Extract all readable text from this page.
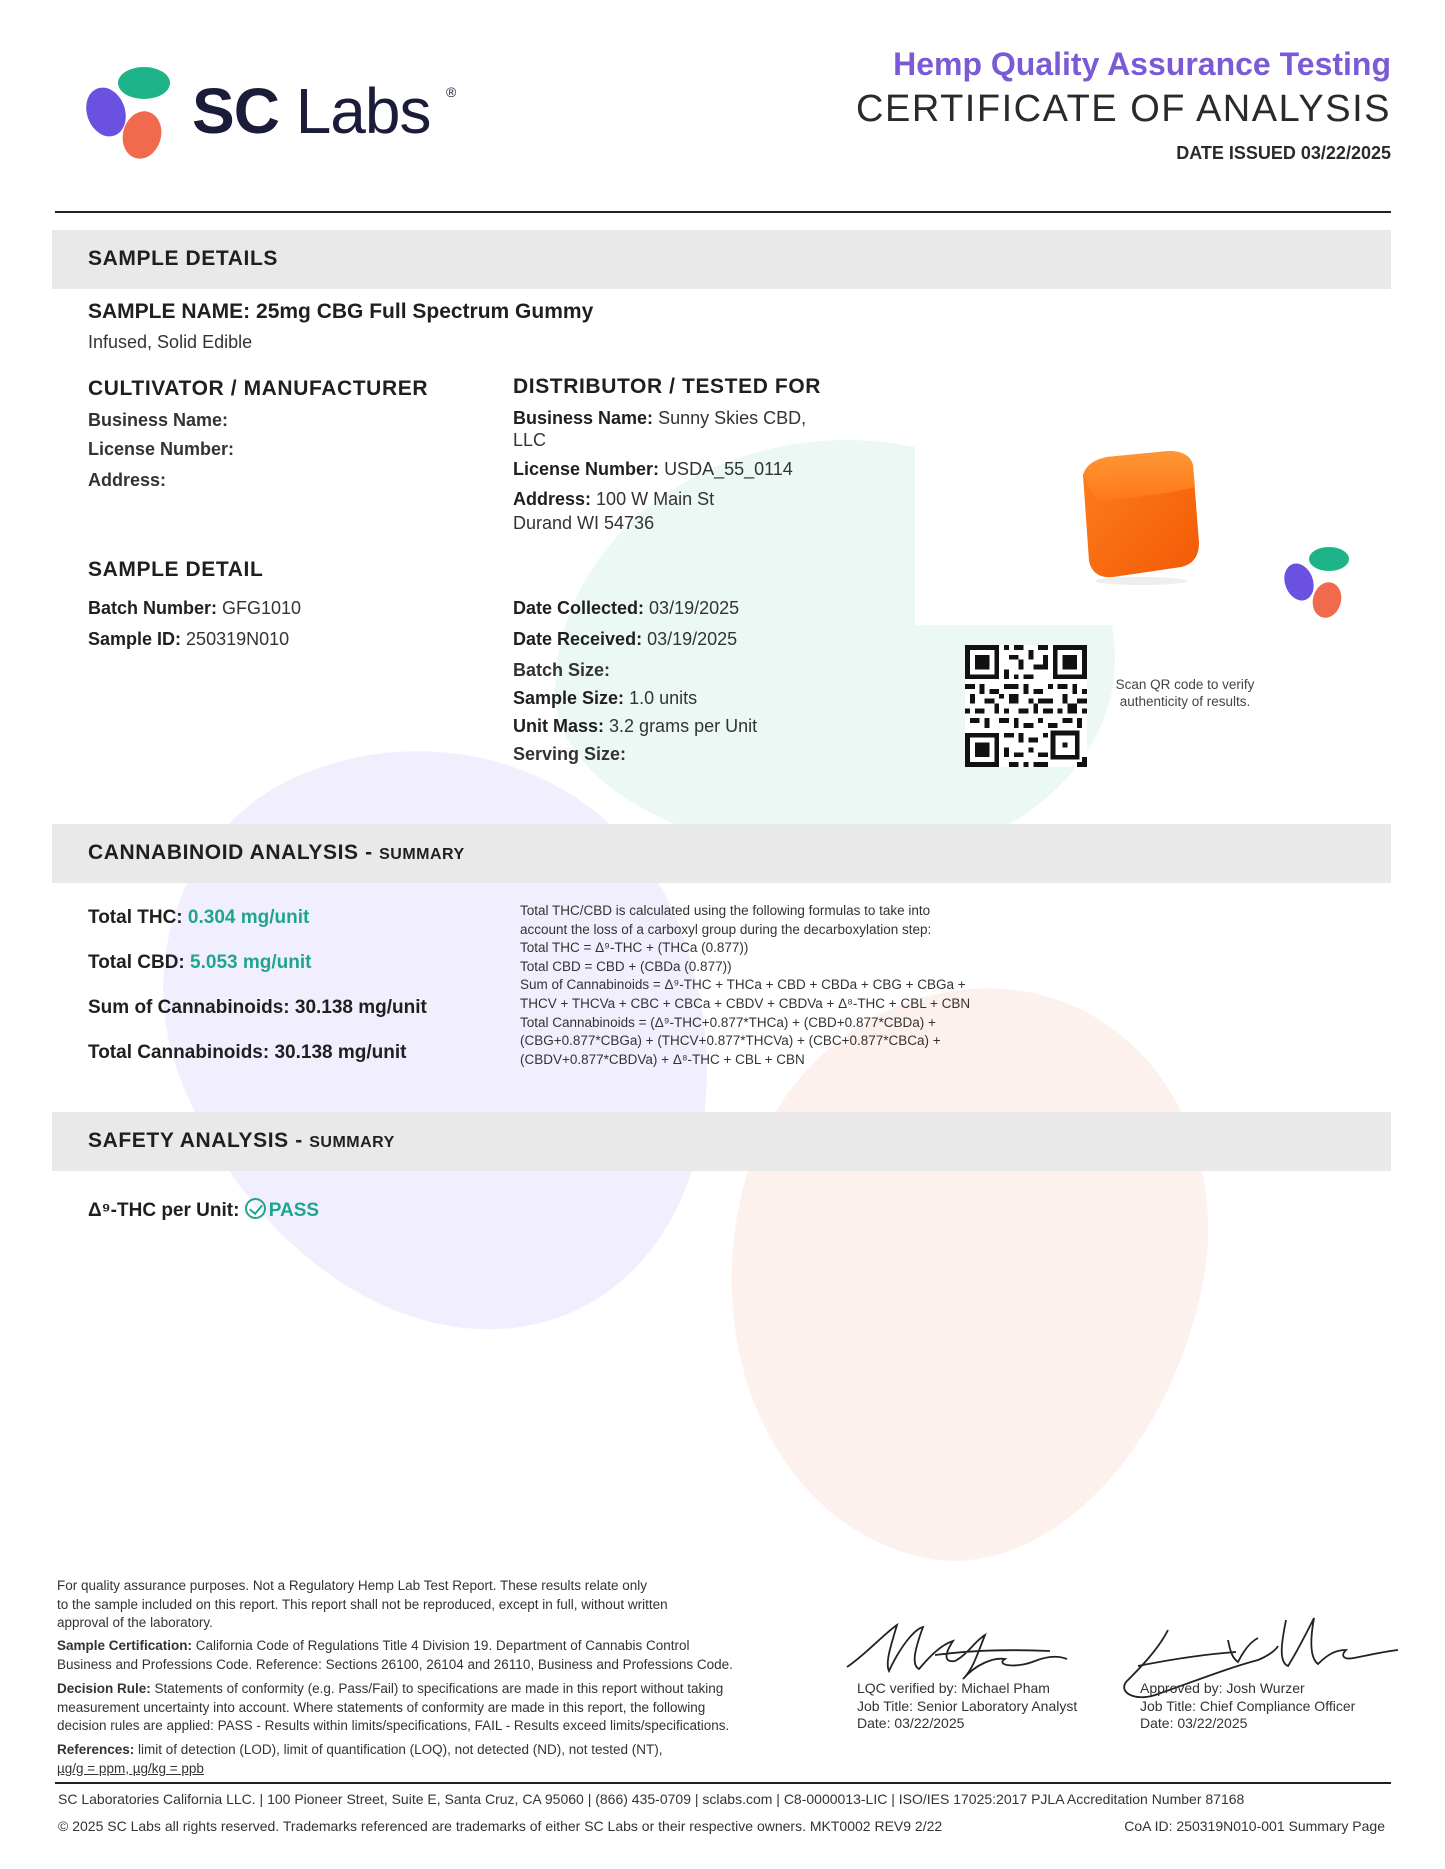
SC Labs ®
Hemp Quality Assurance Testing
CERTIFICATE OF ANALYSIS
DATE ISSUED 03/22/2025
SAMPLE DETAILS
SAMPLE NAME: 25mg CBG Full Spectrum Gummy
Infused, Solid Edible
CULTIVATOR / MANUFACTURER
Business Name:
License Number:
Address:
DISTRIBUTOR / TESTED FOR
Business Name: Sunny Skies CBD,
LLC
License Number: USDA_55_0114
Address: 100 W Main St
Durand WI 54736
SAMPLE DETAIL
Batch Number: GFG1010
Sample ID: 250319N010
Date Collected: 03/19/2025
Date Received: 03/19/2025
Batch Size:
Sample Size: 1.0 units
Unit Mass: 3.2 grams per Unit
Serving Size:
Scan QR code to verify
authenticity of results.
CANNABINOID ANALYSIS - SUMMARY
Total THC: 0.304 mg/unit
Total CBD: 5.053 mg/unit
Sum of Cannabinoids: 30.138 mg/unit
Total Cannabinoids: 30.138 mg/unit
Total THC/CBD is calculated using the following formulas to take into
account the loss of a carboxyl group during the decarboxylation step:
Total THC = Δ⁹-THC + (THCa (0.877))
Total CBD = CBD + (CBDa (0.877))
Sum of Cannabinoids = Δ⁹-THC + THCa + CBD + CBDa + CBG + CBGa +
THCV + THCVa + CBC + CBCa + CBDV + CBDVa + Δ⁸-THC + CBL + CBN
Total Cannabinoids = (Δ⁹-THC+0.877*THCa) + (CBD+0.877*CBDa) +
(CBG+0.877*CBGa) + (THCV+0.877*THCVa) + (CBC+0.877*CBCa) +
(CBDV+0.877*CBDVa) + Δ⁸-THC + CBL + CBN
SAFETY ANALYSIS - SUMMARY
Δ⁹-THC per Unit: PASS
For quality assurance purposes. Not a Regulatory Hemp Lab Test Report. These results relate only
to the sample included on this report. This report shall not be reproduced, except in full, without written
approval of the laboratory.
Sample Certification: California Code of Regulations Title 4 Division 19. Department of Cannabis Control
Business and Professions Code. Reference: Sections 26100, 26104 and 26110, Business and Professions Code.
Decision Rule: Statements of conformity (e.g. Pass/Fail) to specifications are made in this report without taking
measurement uncertainty into account. Where statements of conformity are made in this report, the following
decision rules are applied: PASS - Results within limits/specifications, FAIL - Results exceed limits/specifications.
References: limit of detection (LOD), limit of quantification (LOQ), not detected (ND), not tested (NT),
µg/g = ppm, µg/kg = ppb
LQC verified by: Michael Pham
Job Title: Senior Laboratory Analyst
Date: 03/22/2025
Approved by: Josh Wurzer
Job Title: Chief Compliance Officer
Date: 03/22/2025
SC Laboratories California LLC. | 100 Pioneer Street, Suite E, Santa Cruz, CA 95060 | (866) 435-0709 | sclabs.com | C8-0000013-LIC | ISO/IES 17025:2017 PJLA Accreditation Number 87168
© 2025 SC Labs all rights reserved. Trademarks referenced are trademarks of either SC Labs or their respective owners. MKT0002 REV9 2/22	CoA ID: 250319N010-001 Summary Page
